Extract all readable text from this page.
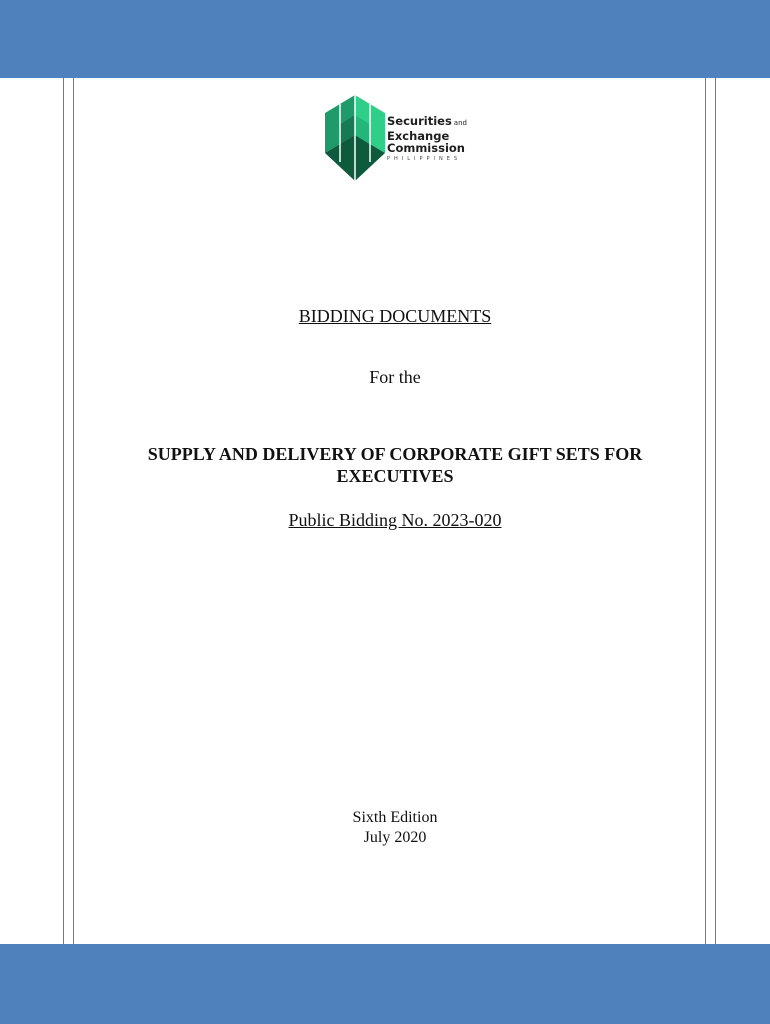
Securities and
Exchange
Commission
PHILIPPINES
BIDDING DOCUMENTS
For the
SUPPLY AND DELIVERY OF CORPORATE GIFT SETS FOR
EXECUTIVES
Public Bidding No. 2023-020
Sixth Edition
July 2020
